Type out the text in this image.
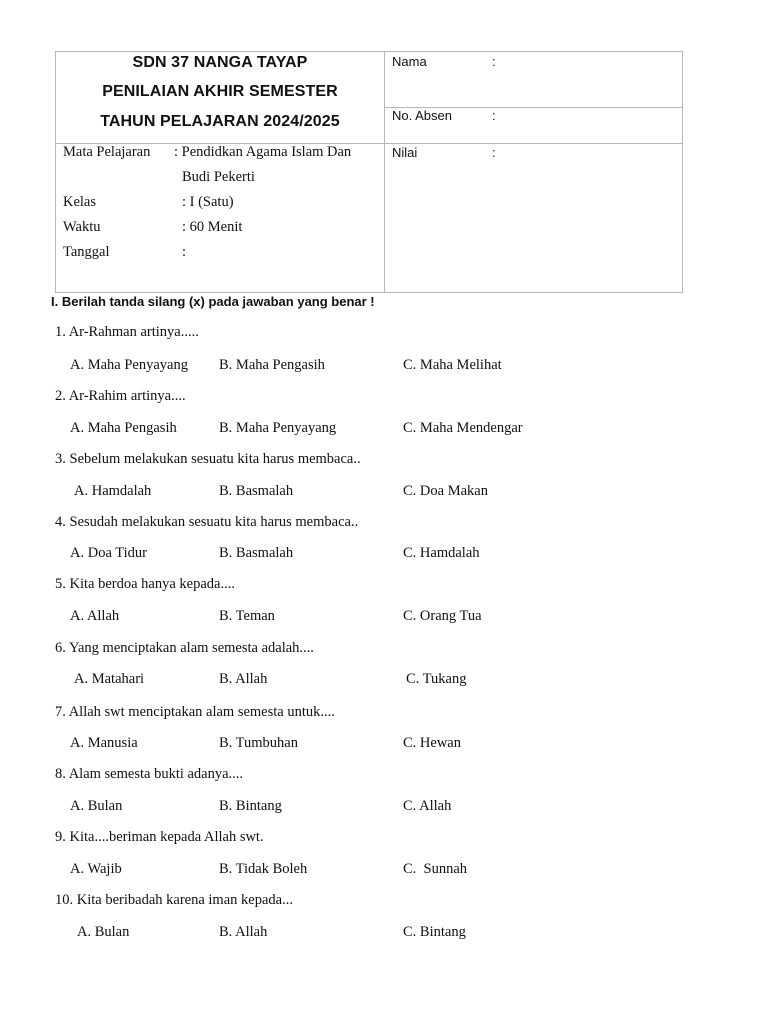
SDN 37 NANGA TAYAP
PENILAIAN AKHIR SEMESTER
TAHUN PELAJARAN 2024/2025
Nama	:
No. Absen	:
Nilai	:
Mata Pelajaran : Pendidkan Agama Islam Dan
Budi Pekerti
Kelas	: I (Satu)
Waktu	: 60 Menit
Tanggal	:
I. Berilah tanda silang (x) pada jawaban yang benar !
1. Ar-Rahman artinya.....
A. Maha Penyayang B. Maha Pengasih	C. Maha Melihat
2. Ar-Rahim artinya....
A. Maha Pengasih	B. Maha Penyayang	C. Maha Mendengar
3. Sebelum melakukan sesuatu kita harus membaca..
A. Hamdalah	B. Basmalah	C. Doa Makan
4. Sesudah melakukan sesuatu kita harus membaca..
A. Doa Tidur	B. Basmalah	C. Hamdalah
5. Kita berdoa hanya kepada....
A. Allah	B. Teman	C. Orang Tua
6. Yang menciptakan alam semesta adalah....
A. Matahari	B. Allah	C. Tukang
7. Allah swt menciptakan alam semesta untuk....
A. Manusia	B. Tumbuhan	C. Hewan
8. Alam semesta bukti adanya....
A. Bulan	B. Bintang	C. Allah
9. Kita....beriman kepada Allah swt.
A. Wajib	B. Tidak Boleh	C.  Sunnah
10. Kita beribadah karena iman kepada...
A. Bulan	B. Allah	C. Bintang
